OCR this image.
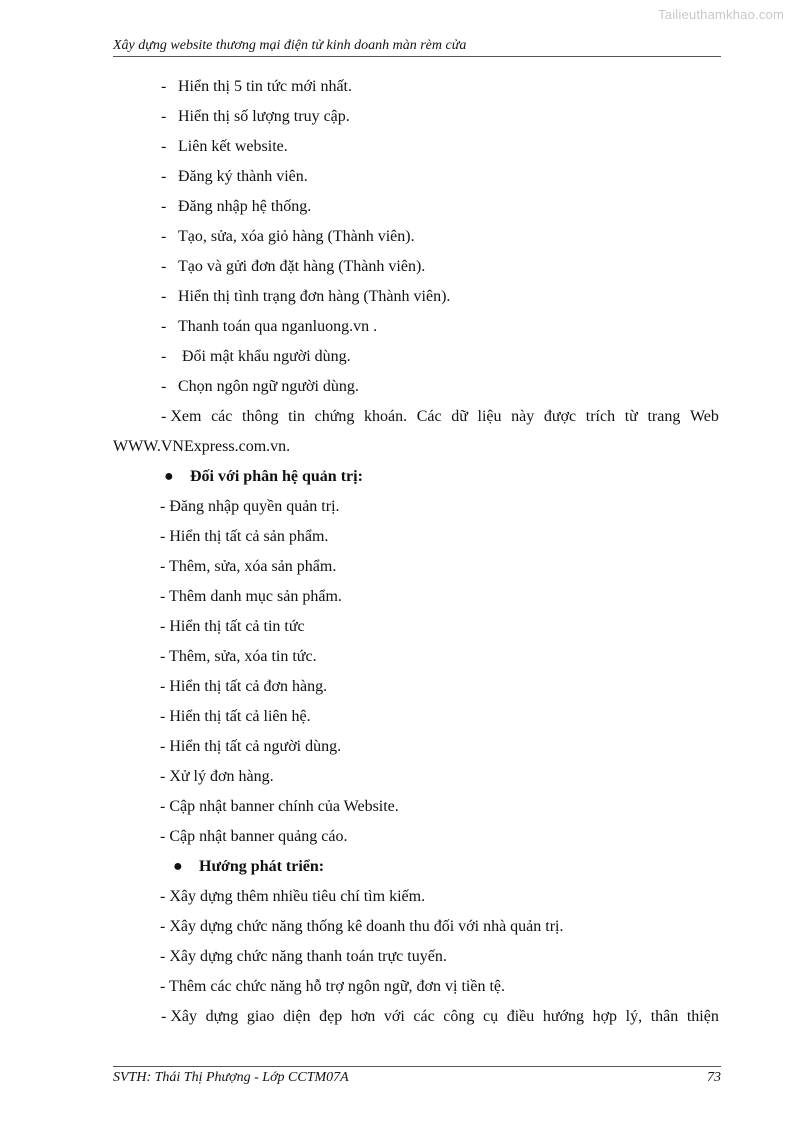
Tailieuthamkhao.com
Xây dựng website thương mại điện tử kinh doanh màn rèm cửa
- Hiển thị 5 tin tức mới nhất.
- Hiển thị số lượng truy cập.
- Liên kết website.
- Đăng ký thành viên.
- Đăng nhập hệ thống.
- Tạo, sửa, xóa giỏ hàng (Thành viên).
- Tạo và gửi đơn đặt hàng (Thành viên).
- Hiển thị tình trạng đơn hàng (Thành viên).
- Thanh toán qua nganluong.vn .
- Đổi mật khẩu người dùng.
- Chọn ngôn ngữ người dùng.
- Xem các thông tin chứng khoán. Các dữ liệu này được trích từ trang Web
WWW.VNExpress.com.vn.
● Đối với phân hệ quản trị:
- Đăng nhập quyền quản trị.
- Hiển thị tất cả sản phẩm.
- Thêm, sửa, xóa sản phẩm.
- Thêm danh mục sản phẩm.
- Hiển thị tất cả tin tức
- Thêm, sửa, xóa tin tức.
- Hiển thị tất cả đơn hàng.
- Hiển thị tất cả liên hệ.
- Hiển thị tất cả người dùng.
- Xử lý đơn hàng.
- Cập nhật banner chính của Website.
- Cập nhật banner quảng cáo.
● Hướng phát triển:
- Xây dựng thêm nhiều tiêu chí tìm kiếm.
- Xây dựng chức năng thống kê doanh thu đối với nhà quản trị.
- Xây dựng chức năng thanh toán trực tuyến.
- Thêm các chức năng hỗ trợ ngôn ngữ, đơn vị tiền tệ.
- Xây dựng giao diện đẹp hơn với các công cụ điều hướng hợp lý, thân thiện
SVTH: Thái Thị Phượng - Lớp CCTM07A	73
